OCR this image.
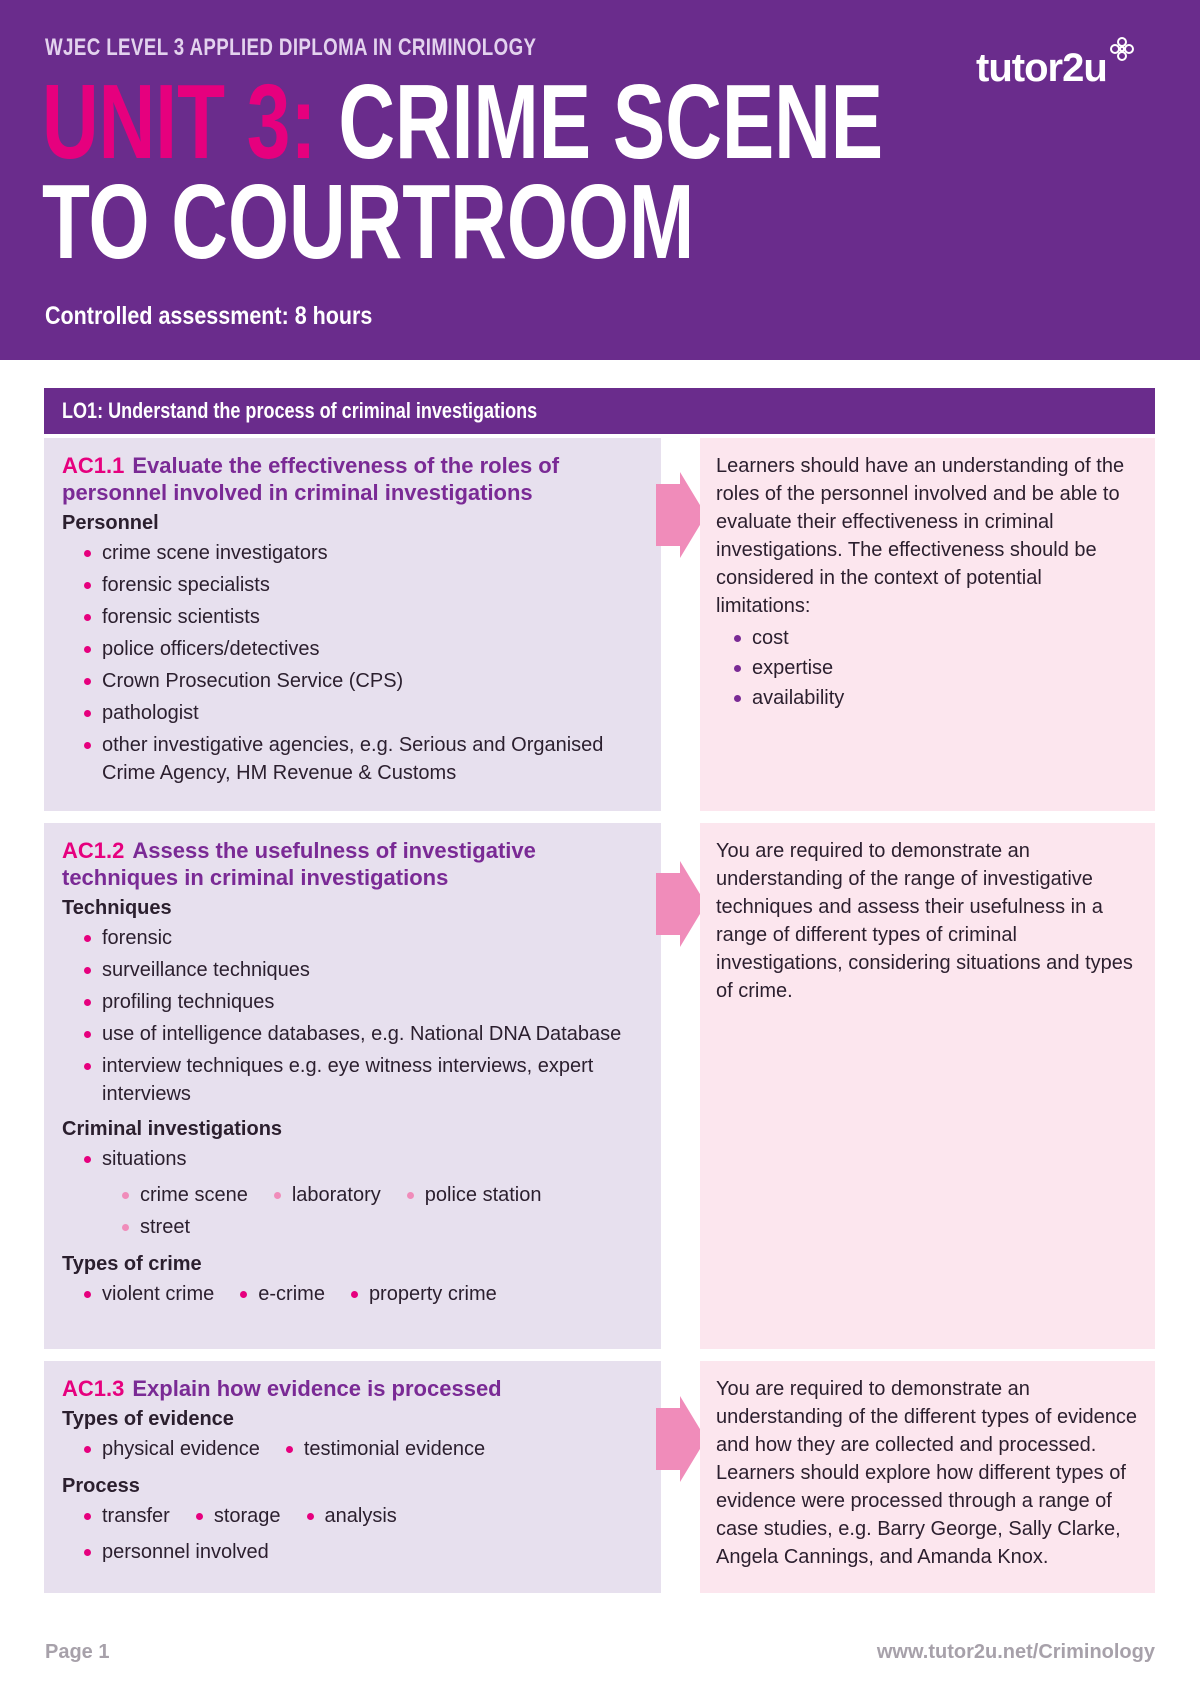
WJEC LEVEL 3 APPLIED DIPLOMA IN CRIMINOLOGY
UNIT 3: CRIME SCENE
TO COURTROOM
Controlled assessment: 8 hours
tutor2u
LO1: Understand the process of criminal investigations

AC1.1 Evaluate the effectiveness of the roles of personnel involved in criminal investigations

Personnel
crime scene investigators
forensic specialists
forensic scientists
police officers/detectives
Crown Prosecution Service (CPS)
pathologist
other investigative agencies, e.g. Serious and Organised Crime Agency, HM Revenue & Customs

Learners should have an understanding of the roles of the personnel involved and be able to evaluate their effectiveness in criminal investigations. The effectiveness should be considered in the context of potential limitations:

cost
expertise
availability

AC1.2 Assess the usefulness of investigative techniques in criminal investigations

Techniques
forensic
surveillance techniques
profiling techniques
use of intelligence databases, e.g. National DNA Database
interview techniques e.g. eye witness interviews, expert interviews
Criminal investigations
situations
crime scene	laboratory	police station
street
Types of crime
violent crime	e-crime	property crime

You are required to demonstrate an understanding of the range of investigative techniques and assess their usefulness in a range of different types of criminal investigations, considering situations and types of crime.

AC1.3 Explain how evidence is processed

Types of evidence
physical evidence	testimonial evidence
Process
transfer	storage	analysis
personnel involved

You are required to demonstrate an understanding of the different types of evidence and how they are collected and processed. Learners should explore how different types of evidence were processed through a range of case studies, e.g. Barry George, Sally Clarke, Angela Cannings, and Amanda Knox.

Page 1	www.tutor2u.net/Criminology
